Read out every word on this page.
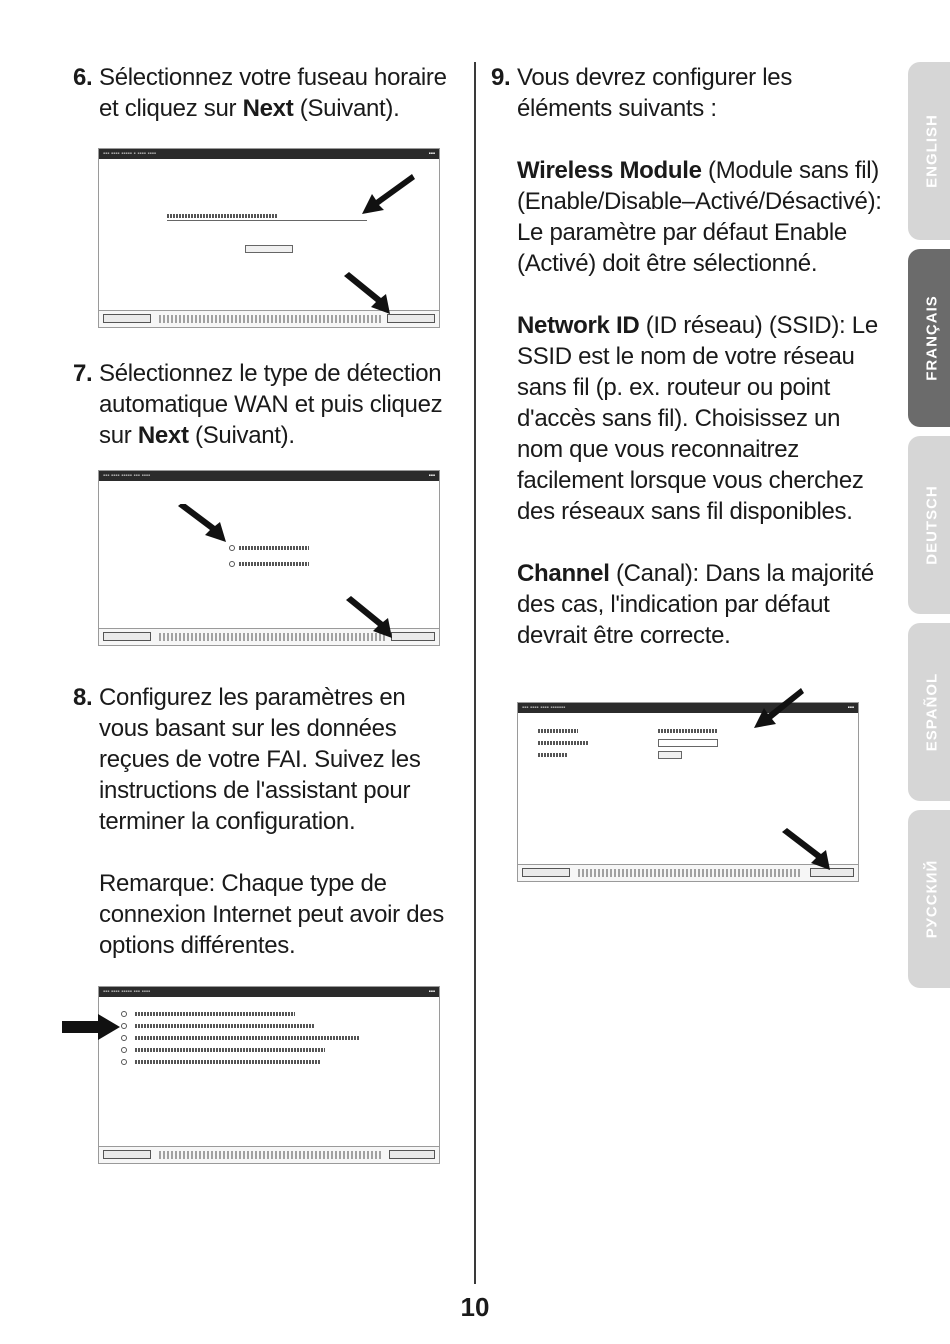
6. Sélectionnez votre fuseau horaire et cliquez sur Next (Suivant).

▪▪▪ ▪▪▪▪ ▪▪▪▪▪ ▪ ▪▪▪▪ ▪▪▪▪	▪▪▪
7. Sélectionnez le type de détection automatique WAN et puis cliquez sur Next (Suivant).

▪▪▪ ▪▪▪▪ ▪▪▪▪▪ ▪▪▪ ▪▪▪▪	▪▪▪
8. Configurez les paramètres en vous basant sur les données reçues de votre FAI. Suivez les instructions de l'assistant pour terminer la configuration.

Remarque: Chaque type de connexion Internet peut avoir des options différentes.

▪▪▪ ▪▪▪▪ ▪▪▪▪▪ ▪▪▪ ▪▪▪▪	▪▪▪
9. Vous devrez configurer les éléments suivants :

Wireless Module (Module sans fil) (Enable/Disable–Activé/Désactivé): Le paramètre par défaut Enable (Activé) doit être sélectionné.

Network ID (ID réseau) (SSID): Le SSID est le nom de votre réseau sans fil (p. ex. routeur ou point d'accès sans fil). Choisissez un nom que vous reconnaitrez facilement lorsque vous cherchez des réseaux sans fil disponibles.

Channel (Canal): Dans la majorité des cas, l'indication par défaut devrait être correcte.

▪▪▪ ▪▪▪▪ ▪▪▪▪ ▪▪▪▪▪▪▪	▪▪▪
ENGLISH
FRANÇAIS
DEUTSCH
ESPAÑOL
РУССКИЙ
10
